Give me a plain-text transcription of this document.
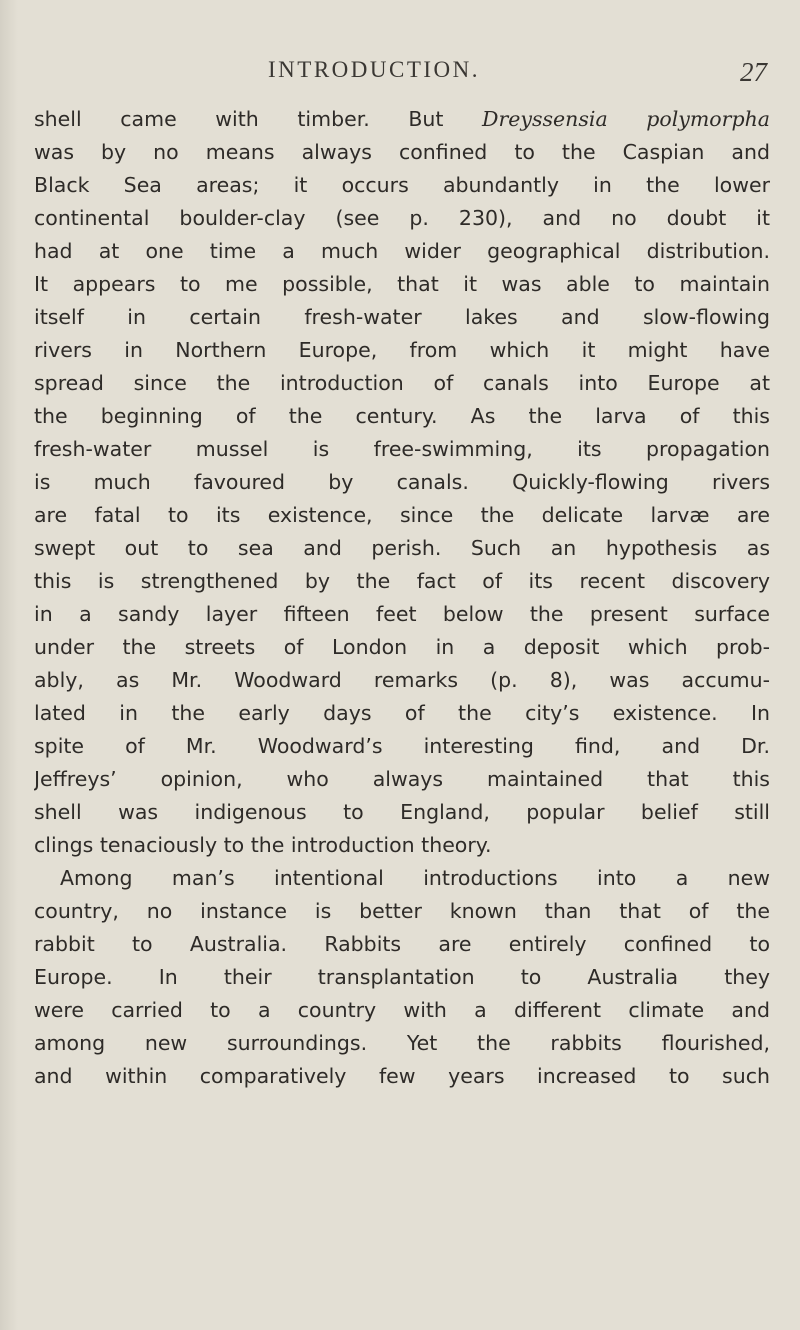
INTRODUCTION.	27
shell came with timber. But Dreyssensia polymorpha
was by no means always confined to the Caspian and
Black Sea areas; it occurs abundantly in the lower
continental boulder-clay (see p. 230), and no doubt it
had at one time a much wider geographical distribution.
It appears to me possible, that it was able to maintain
itself in certain fresh-water lakes and slow-flowing
rivers in Northern Europe, from which it might have
spread since the introduction of canals into Europe at
the beginning of the century. As the larva of this
fresh-water mussel is free-swimming, its propagation
is much favoured by canals. Quickly-flowing rivers
are fatal to its existence, since the delicate larvæ are
swept out to sea and perish. Such an hypothesis as
this is strengthened by the fact of its recent discovery
in a sandy layer fifteen feet below the present surface
under the streets of London in a deposit which prob-
ably, as Mr. Woodward remarks (p. 8), was accumu-
lated in the early days of the city’s existence. In
spite of Mr. Woodward’s interesting find, and Dr.
Jeffreys’ opinion, who always maintained that this
shell was indigenous to England, popular belief still
clings tenaciously to the introduction theory.
Among man’s intentional introductions into a new
country, no instance is better known than that of the
rabbit to Australia. Rabbits are entirely confined to
Europe. In their transplantation to Australia they
were carried to a country with a different climate and
among new surroundings. Yet the rabbits flourished,
and within comparatively few years increased to such
